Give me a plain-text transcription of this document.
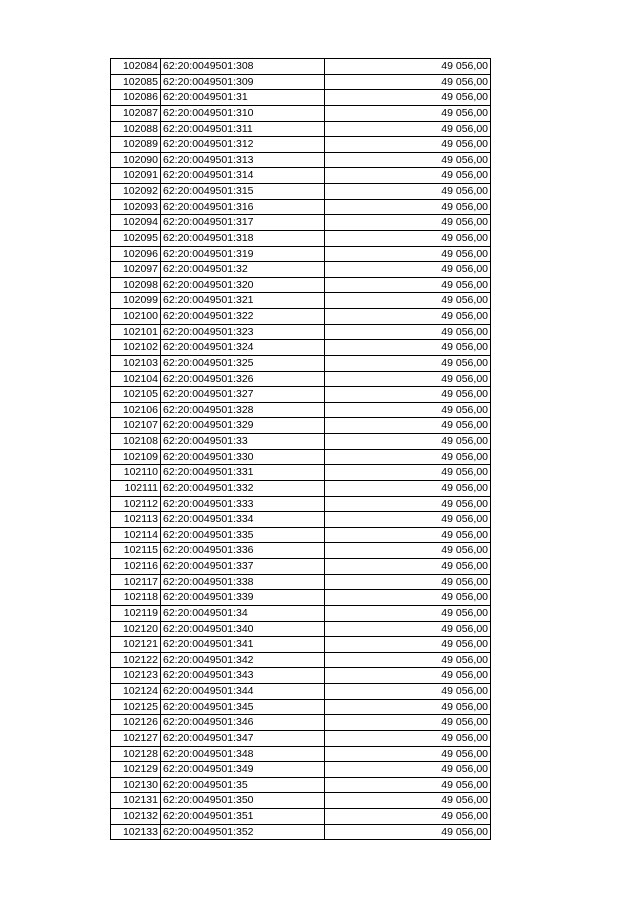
102084	62:20:0049501:308	49 056,00
102085	62:20:0049501:309	49 056,00
102086	62:20:0049501:31	49 056,00
102087	62:20:0049501:310	49 056,00
102088	62:20:0049501:311	49 056,00
102089	62:20:0049501:312	49 056,00
102090	62:20:0049501:313	49 056,00
102091	62:20:0049501:314	49 056,00
102092	62:20:0049501:315	49 056,00
102093	62:20:0049501:316	49 056,00
102094	62:20:0049501:317	49 056,00
102095	62:20:0049501:318	49 056,00
102096	62:20:0049501:319	49 056,00
102097	62:20:0049501:32	49 056,00
102098	62:20:0049501:320	49 056,00
102099	62:20:0049501:321	49 056,00
102100	62:20:0049501:322	49 056,00
102101	62:20:0049501:323	49 056,00
102102	62:20:0049501:324	49 056,00
102103	62:20:0049501:325	49 056,00
102104	62:20:0049501:326	49 056,00
102105	62:20:0049501:327	49 056,00
102106	62:20:0049501:328	49 056,00
102107	62:20:0049501:329	49 056,00
102108	62:20:0049501:33	49 056,00
102109	62:20:0049501:330	49 056,00
102110	62:20:0049501:331	49 056,00
102111	62:20:0049501:332	49 056,00
102112	62:20:0049501:333	49 056,00
102113	62:20:0049501:334	49 056,00
102114	62:20:0049501:335	49 056,00
102115	62:20:0049501:336	49 056,00
102116	62:20:0049501:337	49 056,00
102117	62:20:0049501:338	49 056,00
102118	62:20:0049501:339	49 056,00
102119	62:20:0049501:34	49 056,00
102120	62:20:0049501:340	49 056,00
102121	62:20:0049501:341	49 056,00
102122	62:20:0049501:342	49 056,00
102123	62:20:0049501:343	49 056,00
102124	62:20:0049501:344	49 056,00
102125	62:20:0049501:345	49 056,00
102126	62:20:0049501:346	49 056,00
102127	62:20:0049501:347	49 056,00
102128	62:20:0049501:348	49 056,00
102129	62:20:0049501:349	49 056,00
102130	62:20:0049501:35	49 056,00
102131	62:20:0049501:350	49 056,00
102132	62:20:0049501:351	49 056,00
102133	62:20:0049501:352	49 056,00
